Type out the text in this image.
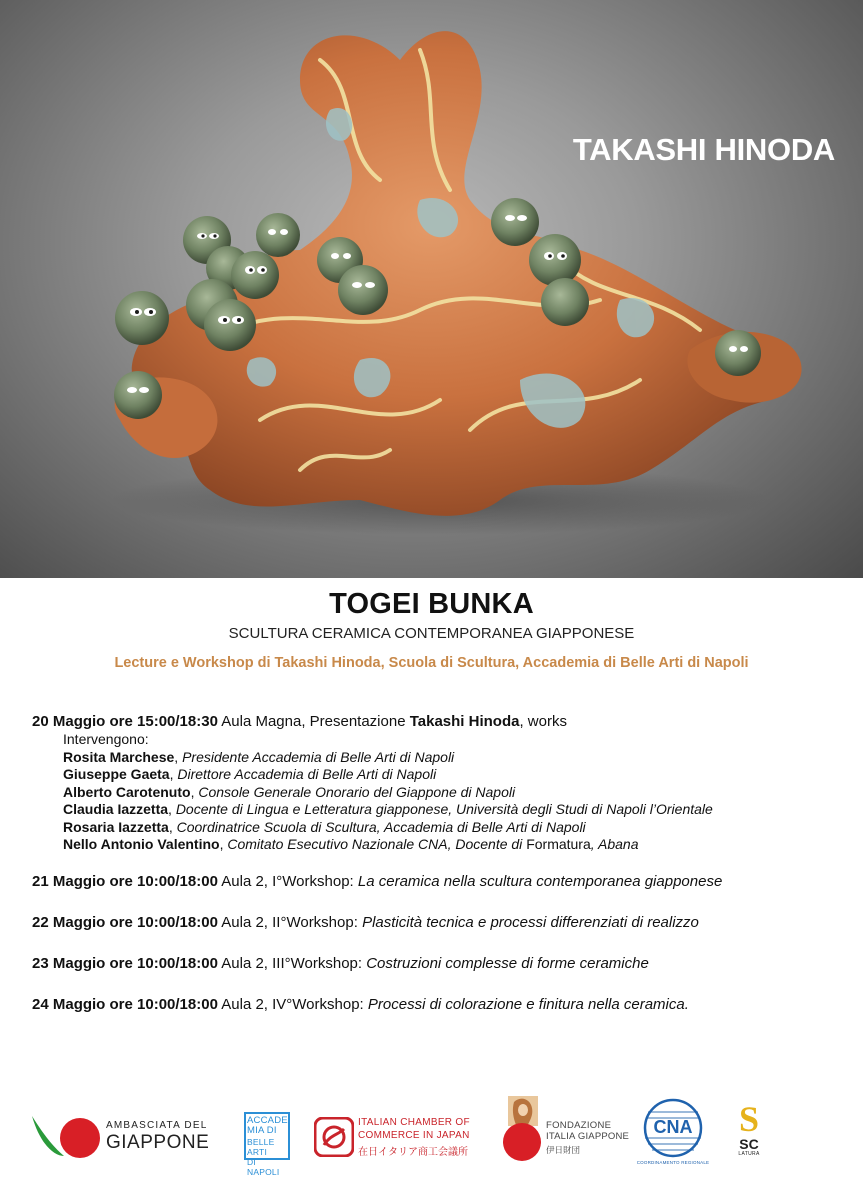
TAKASHI HINODA
TOGEI BUNKA
SCULTURA CERAMICA CONTEMPORANEA GIAPPONESE
Lecture e Workshop di Takashi Hinoda, Scuola di Scultura, Accademia di Belle Arti di Napoli
20 Maggio ore 15:00/18:30 Aula Magna, Presentazione Takashi Hinoda, works
Intervengono:
Rosita Marchese, Presidente Accademia di Belle Arti di Napoli
Giuseppe Gaeta, Direttore Accademia di Belle Arti di Napoli
Alberto Carotenuto, Console Generale Onorario del Giappone di Napoli
Claudia Iazzetta, Docente di Lingua e Letteratura giapponese, Università degli Studi di Napoli l’Orientale
Rosaria Iazzetta, Coordinatrice Scuola di Scultura, Accademia di Belle Arti di Napoli
Nello Antonio Valentino, Comitato Esecutivo Nazionale CNA, Docente di Formatura, Abana
21 Maggio ore 10:00/18:00 Aula 2, I°Workshop: La ceramica nella scultura contemporanea giapponese
22 Maggio ore 10:00/18:00 Aula 2, II°Workshop: Plasticità tecnica e processi differenziati di realizzo
23 Maggio ore 10:00/18:00 Aula 2, III°Workshop: Costruzioni complesse di forme ceramiche
24 Maggio ore 10:00/18:00 Aula 2, IV°Workshop: Processi di colorazione e finitura nella ceramica.
AMBASCIATA DEL
GIAPPONE
ACCADE
MIA DI
BELLE ARTI
DI NAPOLI
ITALIAN CHAMBER OF
COMMERCE IN JAPAN
在日イタリア商工会議所
FONDAZIONE
ITALIA GIAPPONE
伊日財団
CNA
COORDINAMENTO REGIONALE
S
SC
LATURA
